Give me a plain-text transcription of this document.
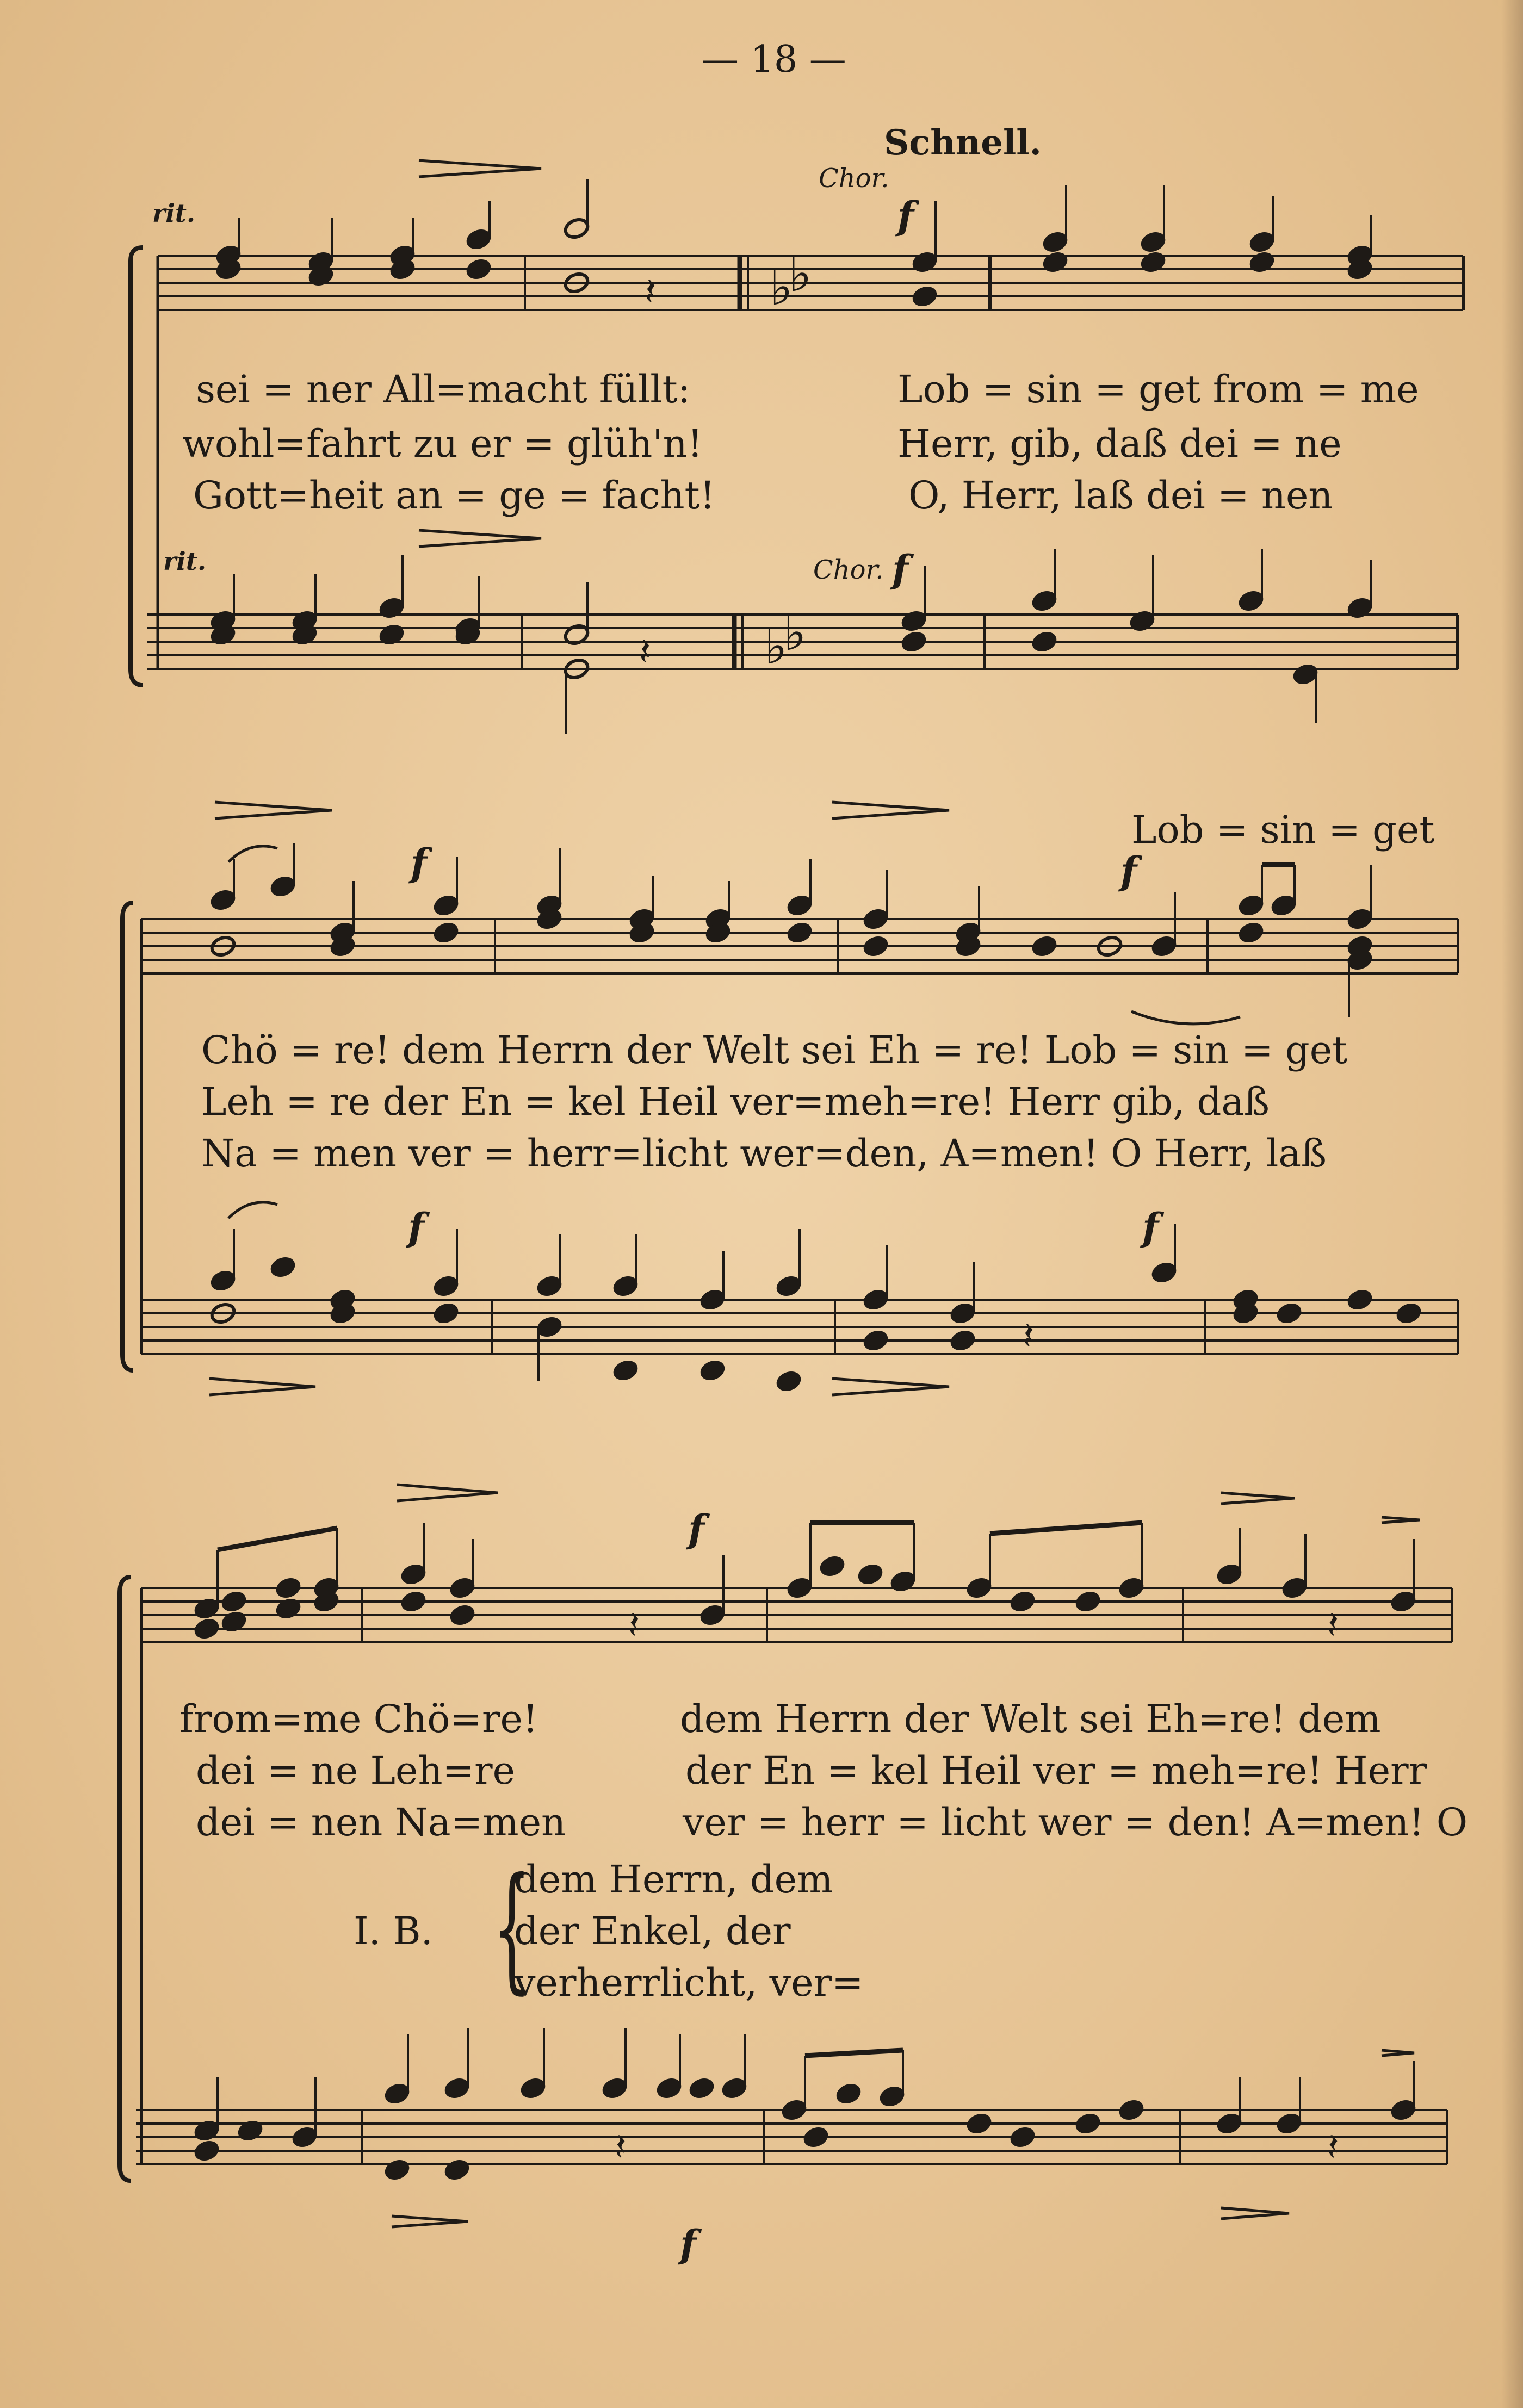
— 18 —
Schnell.
Chor.
rit.	f
sei = ner All=macht füllt:	Lob = sin = get from = me
wohl=fahrt zu er = glüh'n!	Herr, gib, daß dei = ne
Gott=heit an = ge = facht!	O, Herr, laß dei = nen
rit.	Chor. f
Lob = sin = get
f	f
Chö = re! dem Herrn der Welt sei Eh = re! Lob = sin = get
Leh = re der En = kel Heil ver=meh=re! Herr gib, daß
Na = men ver = herr=licht wer=den, A=men! O Herr, laß
f	f
f
from=me Chö=re!	dem Herrn der Welt sei Eh=re! dem
dei = ne Leh=re	der En = kel Heil ver = meh=re! Herr
dei = nen Na=men	ver = herr = licht wer = den! A=men! O
I. B. {
dem Herrn, dem
der Enkel, der
verherrlicht, ver=
f
♭
♭
♭
♭
𝄽
𝄽
𝄽
𝄽	𝄽
𝄽	𝄽
